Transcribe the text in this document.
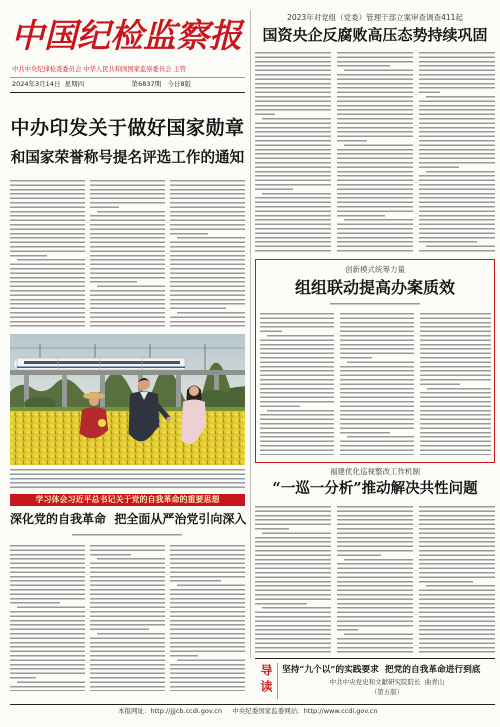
中国纪检监察报
中共中央纪律检查委员会 中华人民共和国国家监察委员会 主管
2024年3月14日 星期四	第6837期 今日8版
中办印发关于做好国家勋章
和国家荣誉称号提名评选工作的通知
学习体会习近平总书记关于党的自我革命的重要思想
深化党的自我革命  把全面从严治党引向深入
2023年对党组（党委）管理干部立案审查调查411起
国资央企反腐败高压态势持续巩固
创新模式统筹力量
组组联动提高办案质效
福建优化巡视整改工作机制
“一巡一分析”推动解决共性问题
导读 坚持“九个以”的实践要求  把党的自我革命进行到底
中共中央党史和文献研究院院长  曲青山
（第五版）
本报网址：http://jjjcb.ccdi.gov.cn 中央纪委国家监委网站：http://www.ccdi.gov.cn
